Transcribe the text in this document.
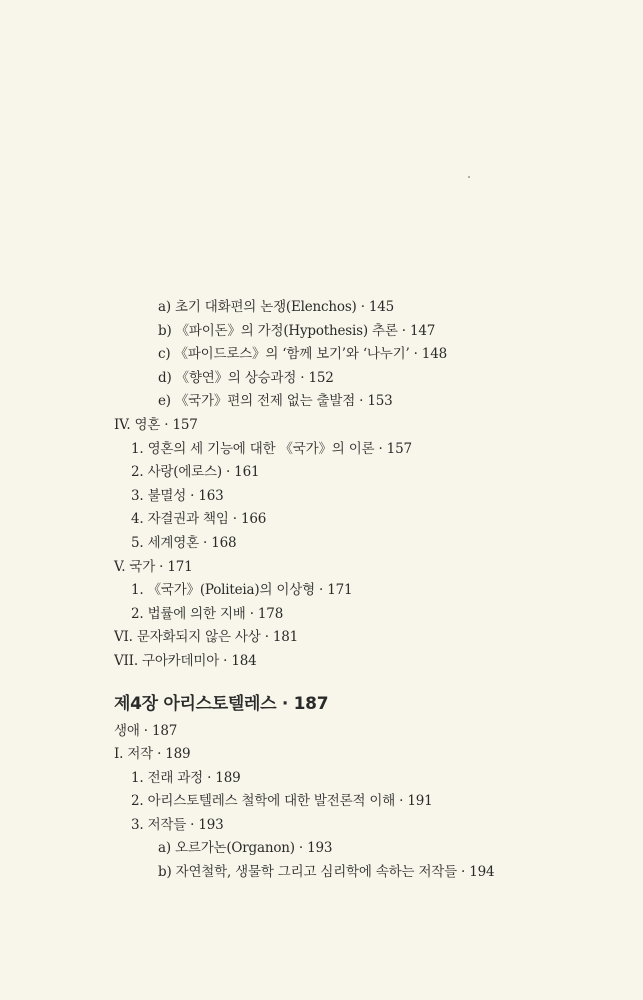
a) 초기 대화편의 논쟁(Elenchos) · 145
b) 《파이돈》의 가정(Hypothesis) 추론 · 147
c) 《파이드로스》의 ‘함께 보기’와 ‘나누기’ · 148
d) 《향연》의 상승과정 · 152
e) 《국가》편의 전제 없는 출발점 · 153
IV. 영혼 · 157
1. 영혼의 세 기능에 대한 《국가》의 이론 · 157
2. 사랑(에로스) · 161
3. 불멸성 · 163
4. 자결권과 책임 · 166
5. 세계영혼 · 168
V. 국가 · 171
1. 《국가》(Politeia)의 이상형 · 171
2. 법률에 의한 지배 · 178
VI. 문자화되지 않은 사상 · 181
VII. 구아카데미아 · 184
제4장 아리스토텔레스 · 187
생애 · 187
I. 저작 · 189
1. 전래 과정 · 189
2. 아리스토텔레스 철학에 대한 발전론적 이해 · 191
3. 저작들 · 193
a) 오르가논(Organon) · 193
b) 자연철학, 생물학 그리고 심리학에 속하는 저작들 · 194
